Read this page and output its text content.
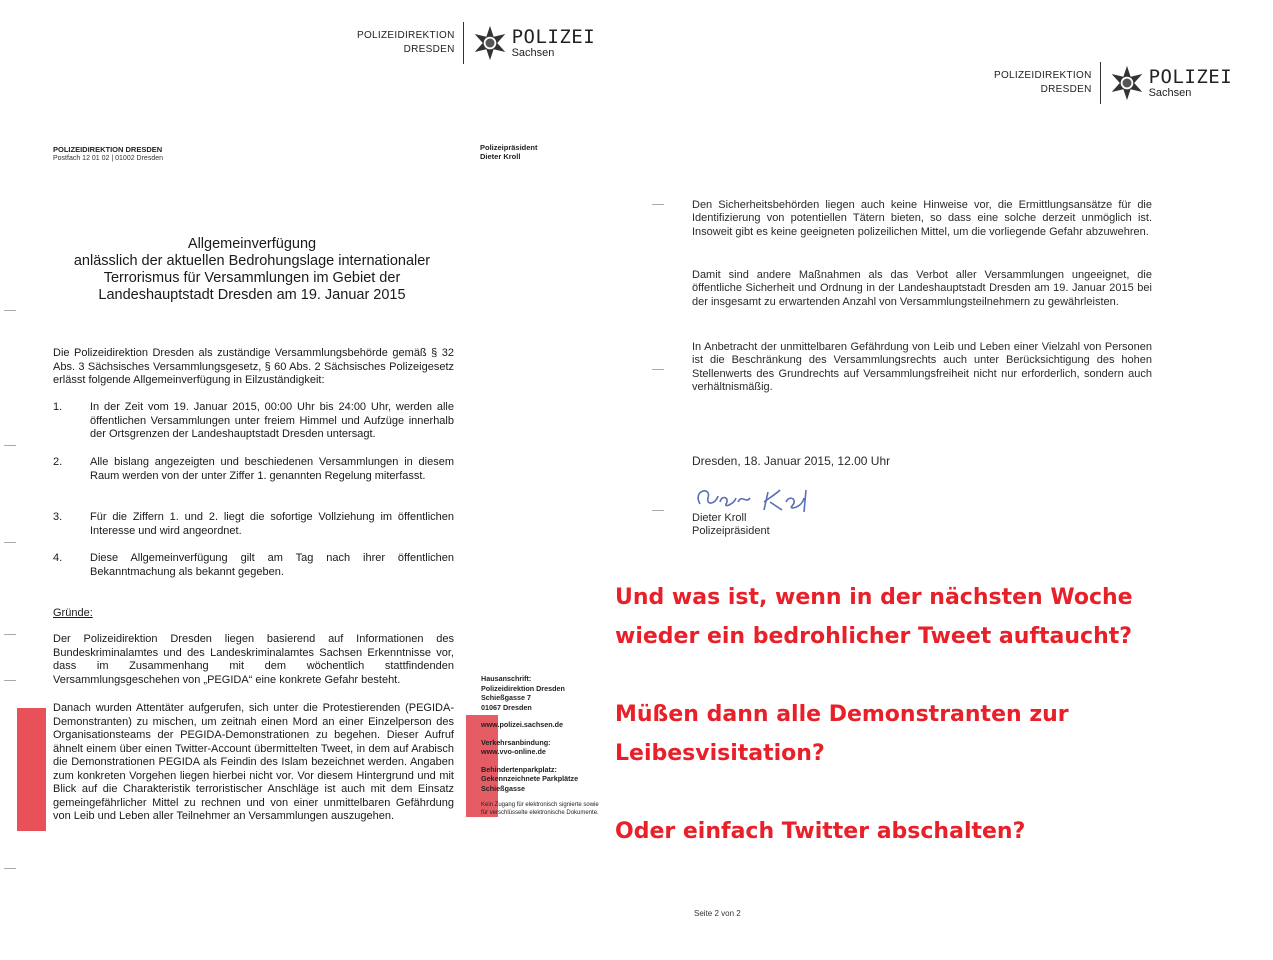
POLIZEIDIREKTION
DRESDEN
POLIZEI
Sachsen
POLIZEIDIREKTION
DRESDEN
POLIZEI
Sachsen
POLIZEIDIREKTION DRESDEN
Postfach 12 01 02 | 01002 Dresden
Polizeipräsident
Dieter Kroll
Allgemeinverfügung
anlässlich der aktuellen Bedrohungslage internationaler
Terrorismus für Versammlungen im Gebiet der
Landeshauptstadt Dresden am 19. Januar 2015
Die Polizeidirektion Dresden als zuständige Versammlungsbehörde gemäß § 32 Abs. 3 Sächsisches Versammlungsgesetz, § 60 Abs. 2 Sächsisches Polizeigesetz erlässt folgende Allgemeinverfügung in Eilzuständigkeit:
1.	In der Zeit vom 19. Januar 2015, 00:00 Uhr bis 24:00 Uhr, werden alle öffentlichen Versammlungen unter freiem Himmel und Aufzüge innerhalb der Ortsgrenzen der Landeshauptstadt Dresden untersagt.
2.	Alle bislang angezeigten und beschiedenen Versammlungen in diesem Raum werden von der unter Ziffer 1. genannten Regelung miterfasst.
3.	Für die Ziffern 1. und 2. liegt die sofortige Vollziehung im öffentlichen Interesse und wird angeordnet.
4.	Diese Allgemeinverfügung gilt am Tag nach ihrer öffentlichen Bekanntmachung als bekannt gegeben.
Gründe:
Der Polizeidirektion Dresden liegen basierend auf Informationen des Bundeskriminalamtes und des Landeskriminalamtes Sachsen Erkenntnisse vor, dass im Zusammenhang mit dem wöchentlich stattfindenden Versammlungsgeschehen von „PEGIDA“ eine konkrete Gefahr besteht.
Danach wurden Attentäter aufgerufen, sich unter die Protestierenden (PEGIDA-Demonstranten) zu mischen, um zeitnah einen Mord an einer Einzelperson des Organisationsteams der PEGIDA-Demonstrationen zu begehen. Dieser Aufruf ähnelt einem über einen Twitter-Account übermittelten Tweet, in dem auf Arabisch die Demonstrationen PEGIDA als Feindin des Islam bezeichnet werden. Angaben zum konkreten Vorgehen liegen hierbei nicht vor. Vor diesem Hintergrund und mit Blick auf die Charakteristik terroristischer Anschläge ist auch mit dem Einsatz gemeingefährlicher Mittel zu rechnen und von einer unmittelbaren Gefährdung von Leib und Leben aller Teilnehmer an Versammlungen auszugehen.
Hausanschrift:
Polizeidirektion Dresden
Schießgasse 7
01067 Dresden
www.polizei.sachsen.de
Verkehrsanbindung:
www.vvo-online.de
Behindertenparkplatz:
Gekennzeichnete Parkplätze
Schießgasse
Kein Zugang für elektronisch signierte sowie für verschlüsselte elektronische Dokumente.
Den Sicherheitsbehörden liegen auch keine Hinweise vor, die Ermittlungsansätze für die Identifizierung von potentiellen Tätern bieten, so dass eine solche derzeit unmöglich ist. Insoweit gibt es keine geeigneten polizeilichen Mittel, um die vorliegende Gefahr abzuwehren.
Damit sind andere Maßnahmen als das Verbot aller Versammlungen ungeeignet, die öffentliche Sicherheit und Ordnung in der Landeshauptstadt Dresden am 19. Januar 2015 bei der insgesamt zu erwartenden Anzahl von Versammlungsteilnehmern zu gewährleisten.
In Anbetracht der unmittelbaren Gefährdung von Leib und Leben einer Vielzahl von Personen ist die Beschränkung des Versammlungsrechts auch unter Berücksichtigung des hohen Stellenwerts des Grundrechts auf Versammlungsfreiheit nicht nur erforderlich, sondern auch verhältnismäßig.
Dresden, 18. Januar 2015, 12.00 Uhr
Dieter Kroll
Polizeipräsident
Seite 2 von 2
Und was ist, wenn in der nächsten Woche
wieder ein bedrohlicher Tweet auftaucht?
Müßen dann alle Demonstranten zur
Leibesvisitation?
Oder einfach Twitter abschalten?
